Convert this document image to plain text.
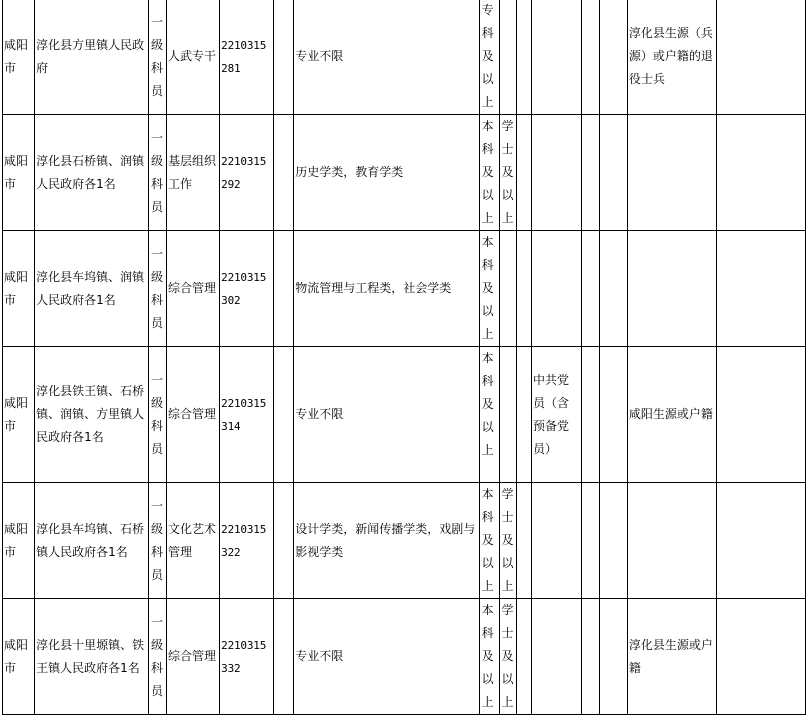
咸阳市	淳化县方里镇人民政府	一级科员	人武专干	2210315281		专业不限	专科及以上						淳化县生源（兵源）或户籍的退役士兵	
咸阳市	淳化县石桥镇、润镇人民政府各1名	一级科员	基层组织工作	2210315292		历史学类，教育学类	本科及以上	学士及以上						
咸阳市	淳化县车坞镇、润镇人民政府各1名	一级科员	综合管理	2210315302		物流管理与工程类，社会学类	本科及以上							
咸阳市	淳化县铁王镇、石桥镇、润镇、方里镇人民政府各1名	一级科员	综合管理	2210315314		专业不限	本科及以上			中共党员（含预备党员）			咸阳生源或户籍	
咸阳市	淳化县车坞镇、石桥镇人民政府各1名	一级科员	文化艺术管理	2210315322		设计学类，新闻传播学类，戏剧与影视学类	本科及以上	学士及以上						
咸阳市	淳化县十里塬镇、铁王镇人民政府各1名	一级科员	综合管理	2210315332		专业不限	本科及以上	学士及以上					淳化县生源或户籍	
